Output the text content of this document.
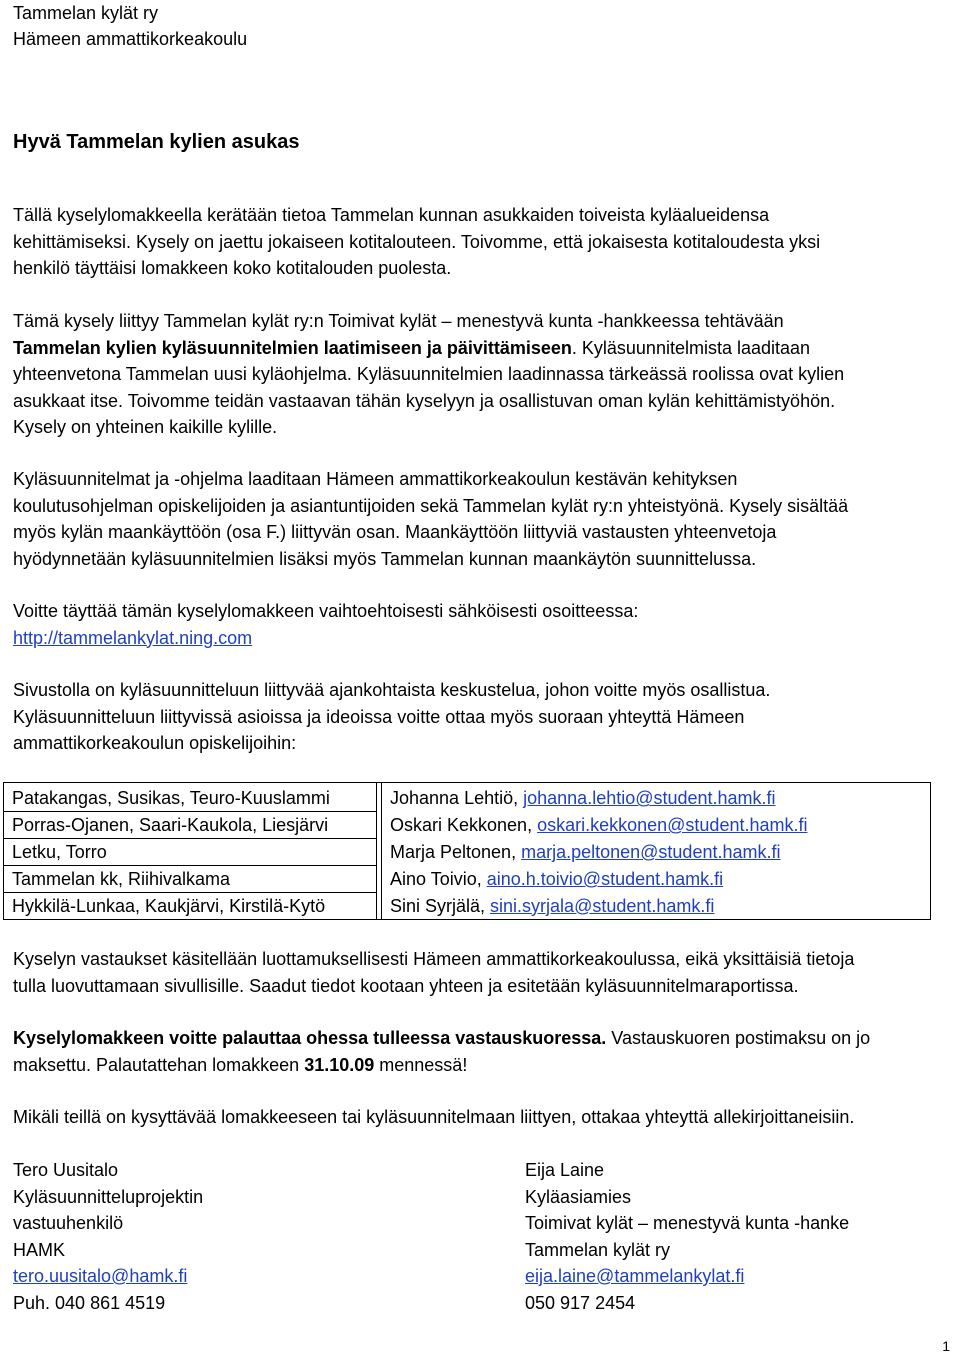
Tammelan kylät ry
Hämeen ammattikorkeakoulu
Hyvä Tammelan kylien asukas

Tällä kyselylomakkeella kerätään tietoa Tammelan kunnan asukkaiden toiveista kyläalueidensa

kehittämiseksi. Kysely on jaettu jokaiseen kotitalouteen. Toivomme, että jokaisesta kotitaloudesta yksi

henkilö täyttäisi lomakkeen koko kotitalouden puolesta.

Tämä kysely liittyy Tammelan kylät ry:n Toimivat kylät – menestyvä kunta -hankkeessa tehtävään

Tammelan kylien kyläsuunnitelmien laatimiseen ja päivittämiseen. Kyläsuunnitelmista laaditaan

yhteenvetona Tammelan uusi kyläohjelma. Kyläsuunnitelmien laadinnassa tärkeässä roolissa ovat kylien

asukkaat itse. Toivomme teidän vastaavan tähän kyselyyn ja osallistuvan oman kylän kehittämistyöhön.

Kysely on yhteinen kaikille kylille.

Kyläsuunnitelmat ja -ohjelma laaditaan Hämeen ammattikorkeakoulun kestävän kehityksen

koulutusohjelman opiskelijoiden ja asiantuntijoiden sekä Tammelan kylät ry:n yhteistyönä. Kysely sisältää

myös kylän maankäyttöön (osa F.) liittyvän osan. Maankäyttöön liittyviä vastausten yhteenvetoja

hyödynnetään kyläsuunnitelmien lisäksi myös Tammelan kunnan maankäytön suunnittelussa.

Voitte täyttää tämän kyselylomakkeen vaihtoehtoisesti sähköisesti osoitteessa:

http://tammelankylat.ning.com

Sivustolla on kyläsuunnitteluun liittyvää ajankohtaista keskustelua, johon voitte myös osallistua.

Kyläsuunnitteluun liittyvissä asioissa ja ideoissa voitte ottaa myös suoraan yhteyttä Hämeen

ammattikorkeakoulun opiskelijoihin:

Patakangas, Susikas, Teuro-Kuuslammi		Johanna Lehtiö, johanna.lehtio@student.hamk.fi
Porras-Ojanen, Saari-Kaukola, Liesjärvi		Oskari Kekkonen, oskari.kekkonen@student.hamk.fi
Letku, Torro		Marja Peltonen, marja.peltonen@student.hamk.fi
Tammelan kk, Riihivalkama		Aino Toivio, aino.h.toivio@student.hamk.fi
Hykkilä-Lunkaa, Kaukjärvi, Kirstilä-Kytö		Sini Syrjälä, sini.syrjala@student.hamk.fi

Kyselyn vastaukset käsitellään luottamuksellisesti Hämeen ammattikorkeakoulussa, eikä yksittäisiä tietoja

tulla luovuttamaan sivullisille. Saadut tiedot kootaan yhteen ja esitetään kyläsuunnitelmaraportissa.

Kyselylomakkeen voitte palauttaa ohessa tulleessa vastauskuoressa. Vastauskuoren postimaksu on jo

maksettu. Palautattehan lomakkeen 31.10.09 mennessä!

Mikäli teillä on kysyttävää lomakkeeseen tai kyläsuunnitelmaan liittyen, ottakaa yhteyttä allekirjoittaneisiin.

Tero Uusitalo
Kyläsuunnitteluprojektin
vastuuhenkilö
HAMK
tero.uusitalo@hamk.fi
Puh. 040 861 4519
Eija Laine
Kyläasiamies
Toimivat kylät – menestyvä kunta -hanke
Tammelan kylät ry
eija.laine@tammelankylat.fi
050 917 2454
1
